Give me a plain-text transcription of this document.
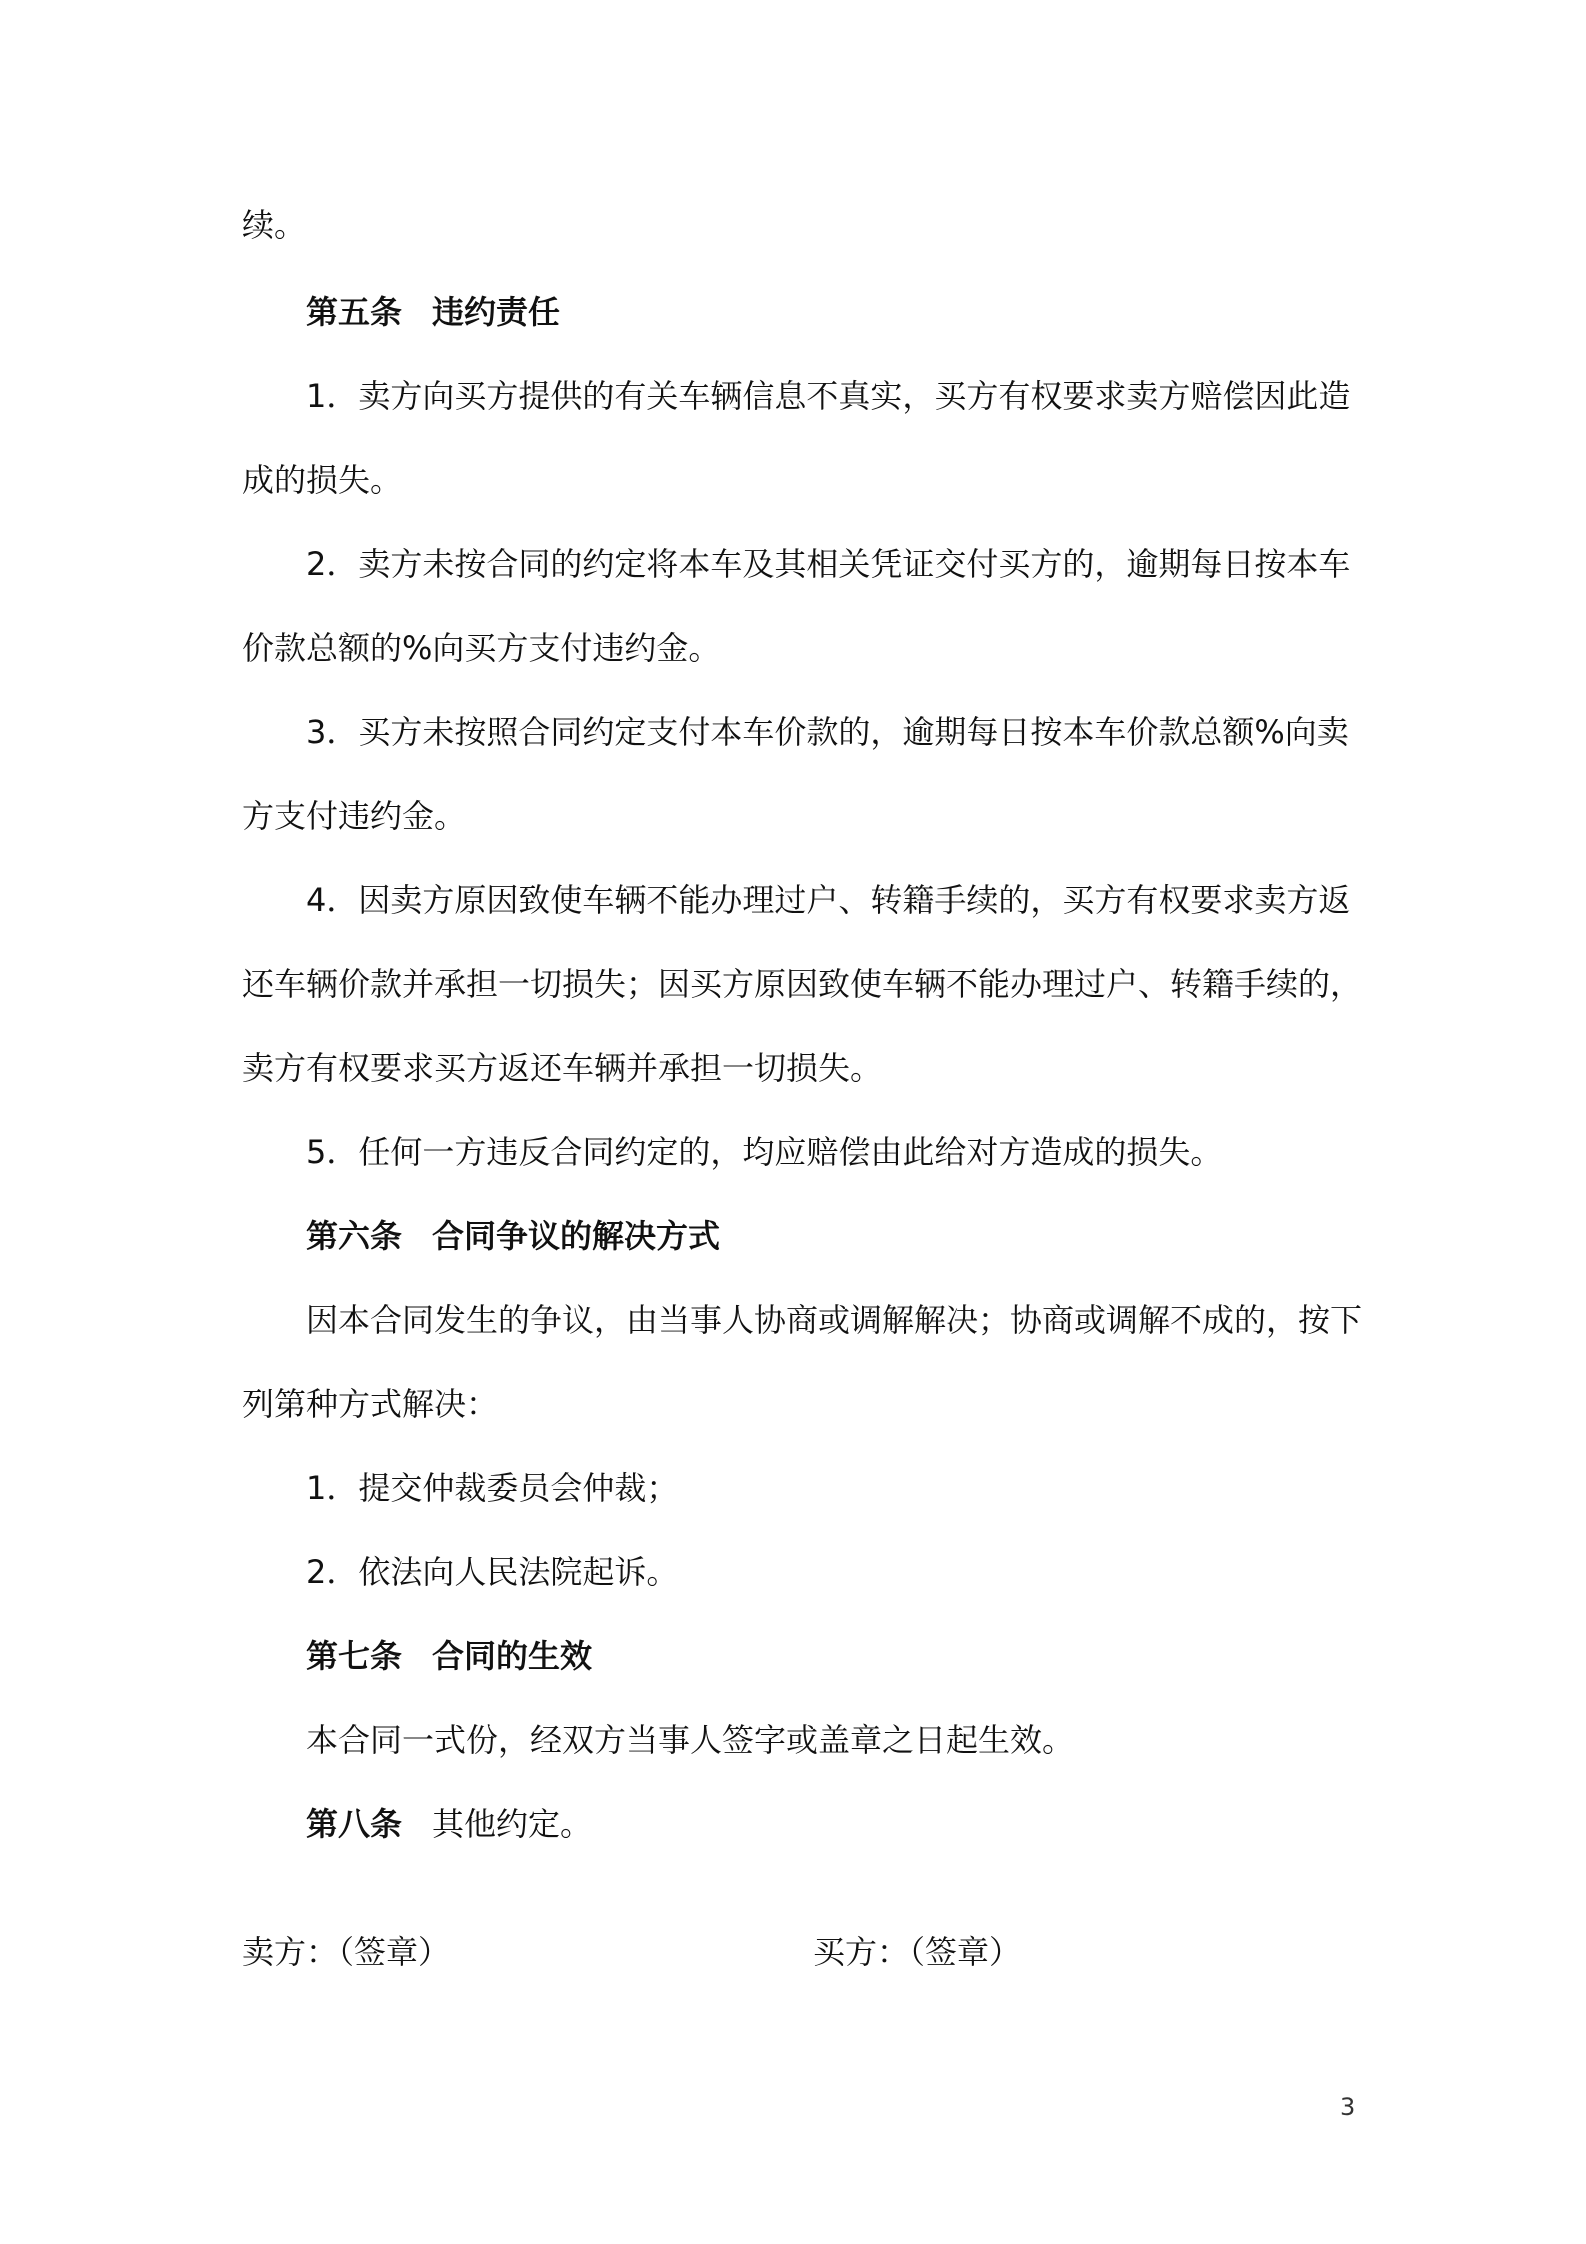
续。
第五条 违约责任
1．卖方向买方提供的有关车辆信息不真实，买方有权要求卖方赔偿因此造
成的损失。
2．卖方未按合同的约定将本车及其相关凭证交付买方的，逾期每日按本车
价款总额的%向买方支付违约金。
3．买方未按照合同约定支付本车价款的，逾期每日按本车价款总额%向卖
方支付违约金。
4．因卖方原因致使车辆不能办理过户、转籍手续的，买方有权要求卖方返
还车辆价款并承担一切损失；因买方原因致使车辆不能办理过户、转籍手续的，
卖方有权要求买方返还车辆并承担一切损失。
5．任何一方违反合同约定的，均应赔偿由此给对方造成的损失。
第六条 合同争议的解决方式
因本合同发生的争议，由当事人协商或调解解决；协商或调解不成的，按下
列第种方式解决：
1．提交仲裁委员会仲裁；
2．依法向人民法院起诉。
第七条 合同的生效
本合同一式份，经双方当事人签字或盖章之日起生效。
第八条 其他约定。
卖方：（签章）	买方：（签章）
3
